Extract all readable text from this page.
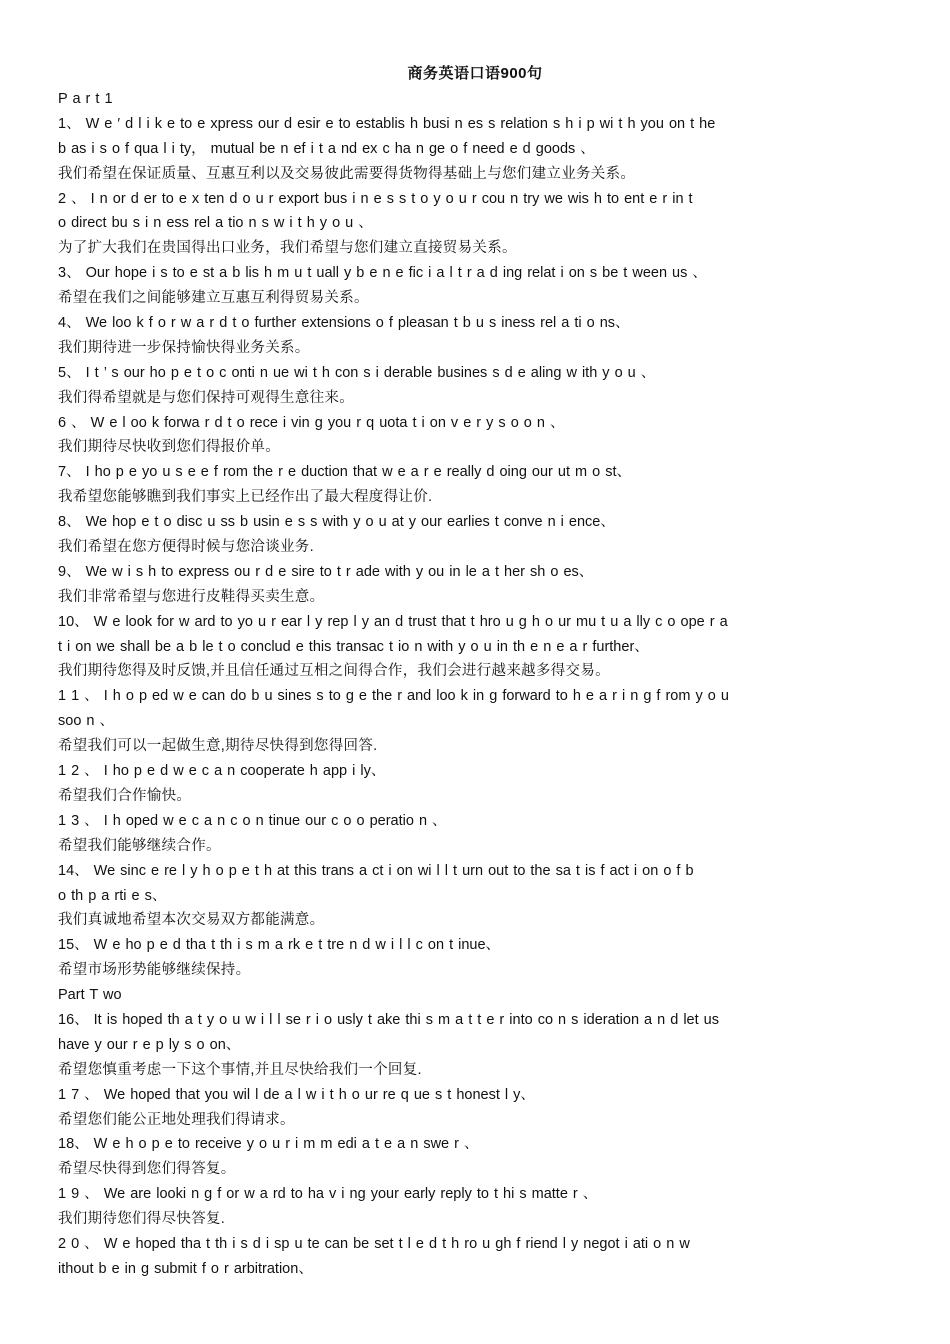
商务英语口语900句
P a r t 1
1、 W e ′ d l i k e to e xpress our d esir e to establis h busi n es s relation s h i p wi t h you on t he
b as i s o f qua l i ty， mutual be n ef i t a nd ex c ha n ge o f need e d goods 、
我们希望在保证质量、互惠互利以及交易彼此需要得货物得基础上与您们建立业务关系。
2 、 I n or d er to e x ten d o u r export bus i n e s s t o y o u r cou n try we wis h to ent e r in t
o direct bu s i n ess rel a tio n s w i t h y o u 、
为了扩大我们在贵国得出口业务，我们希望与您们建立直接贸易关系。
3、 Our hope i s to e st a b lis h m u t uall y b e n e fic i a l t r a d ing relat i on s be t ween us 、
希望在我们之间能够建立互惠互利得贸易关系。
4、 We loo k f o r w a r d t o further extensions o f pleasan t b u s iness rel a ti o ns、
我们期待进一步保持愉快得业务关系。
5、 I t ’ s our ho p e t o c onti n ue wi t h con s i derable busines s d e aling w ith y o u 、
我们得希望就是与您们保持可观得生意往来。
6 、 W e l oo k forwa r d t o rece i vin g you r q uota t i on v e r y s o o n 、
我们期待尽快收到您们得报价单。
7、 I ho p e yo u s e e f rom the r e duction that w e a r e really d oing our ut m o st、
我希望您能够瞧到我们事实上已经作出了最大程度得让价.
8、 We hop e t o disc u ss b usin e s s with y o u at y our earlies t conve n i ence、
我们希望在您方便得时候与您洽谈业务.
9、 We w i s h to express ou r d e sire to t r ade with y ou in le a t her sh o es、
我们非常希望与您进行皮鞋得买卖生意。
10、 W e look for w ard to yo u r ear l y rep l y an d trust that t hro u g h o ur mu t u a lly c o ope r a
t i on we shall be a b le t o conclud e this transac t io n with y o u in th e n e a r further、
我们期待您得及时反馈,并且信任通过互相之间得合作，我们会进行越来越多得交易。
1 1 、 I h o p ed w e can do b u sines s to g e the r and loo k in g forward to h e a r i n g f rom y o u
soo n 、
希望我们可以一起做生意,期待尽快得到您得回答.
1 2 、 I ho p e d w e c a n cooperate h app i ly、
希望我们合作愉快。
1 3 、 I h oped w e c a n c o n tinue our c o o peratio n 、
希望我们能够继续合作。
14、 We sinc e re l y h o p e t h at this trans a ct i on wi l l t urn out to the sa t is f act i on o f b
o th p a rti e s、
我们真诚地希望本次交易双方都能满意。
15、 W e ho p e d tha t th i s m a rk e t tre n d w i l l c on t inue、
希望市场形势能够继续保持。
Part T wo
16、 It is hoped th a t y o u w i l l se r i o usly t ake thi s m a t t e r into co n s ideration a n d let us
have y our r e p ly s o on、
希望您慎重考虑一下这个事情,并且尽快给我们一个回复.
1 7 、 We hoped that you wil l de a l w i t h o ur re q ue s t honest l y、
希望您们能公正地处理我们得请求。
18、 W e h o p e to receive y o u r i m m edi a t e a n swe r 、
希望尽快得到您们得答复。
1 9 、 We are looki n g f or w a rd to ha v i ng your early reply to t hi s matte r 、
我们期待您们得尽快答复.
2 0 、 W e hoped tha t th i s d i sp u te can be set t l e d t h ro u gh f riend l y negot i ati o n w
ithout b e in g submit f o r arbitration、
